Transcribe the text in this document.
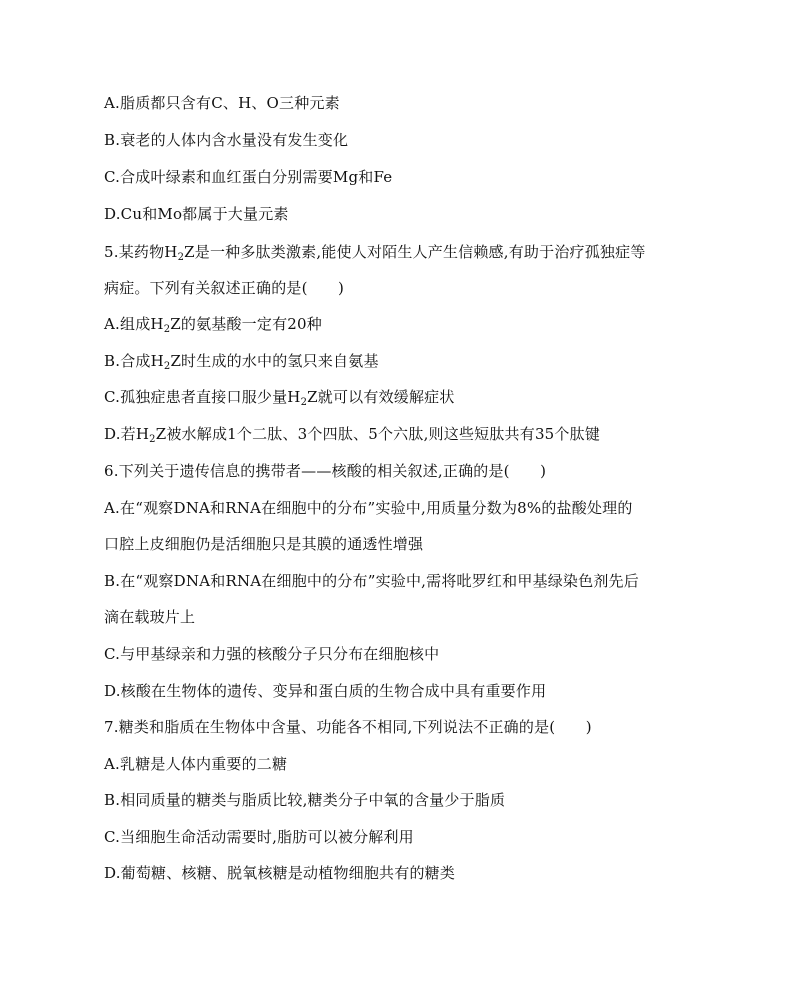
A.脂质都只含有C、H、O三种元素
B.衰老的人体内含水量没有发生变化
C.合成叶绿素和血红蛋白分别需要Mg和Fe
D.Cu和Mo都属于大量元素
5.某药物$H_2Z$是一种多肽类激素,能使人对陌生人产生信赖感,有助于治疗孤独症等
病症。下列有关叙述正确的是(　　)
A.组成$H_2Z$的氨基酸一定有20种
B.合成$H_2Z$时生成的水中的氢只来自氨基
C.孤独症患者直接口服少量$H_2Z$就可以有效缓解症状
D.若$H_2Z$被水解成1个二肽、3个四肽、5个六肽,则这些短肽共有35个肽键
6.下列关于遗传信息的携带者——核酸的相关叙述,正确的是(　　)
A.在“观察DNA和RNA在细胞中的分布”实验中,用质量分数为8%的盐酸处理的
口腔上皮细胞仍是活细胞只是其膜的通透性增强
B.在“观察DNA和RNA在细胞中的分布”实验中,需将吡罗红和甲基绿染色剂先后
滴在载玻片上
C.与甲基绿亲和力强的核酸分子只分布在细胞核中
D.核酸在生物体的遗传、变异和蛋白质的生物合成中具有重要作用
7.糖类和脂质在生物体中含量、功能各不相同,下列说法不正确的是(　　)
A.乳糖是人体内重要的二糖
B.相同质量的糖类与脂质比较,糖类分子中氧的含量少于脂质
C.当细胞生命活动需要时,脂肪可以被分解利用
D.葡萄糖、核糖、脱氧核糖是动植物细胞共有的糖类
